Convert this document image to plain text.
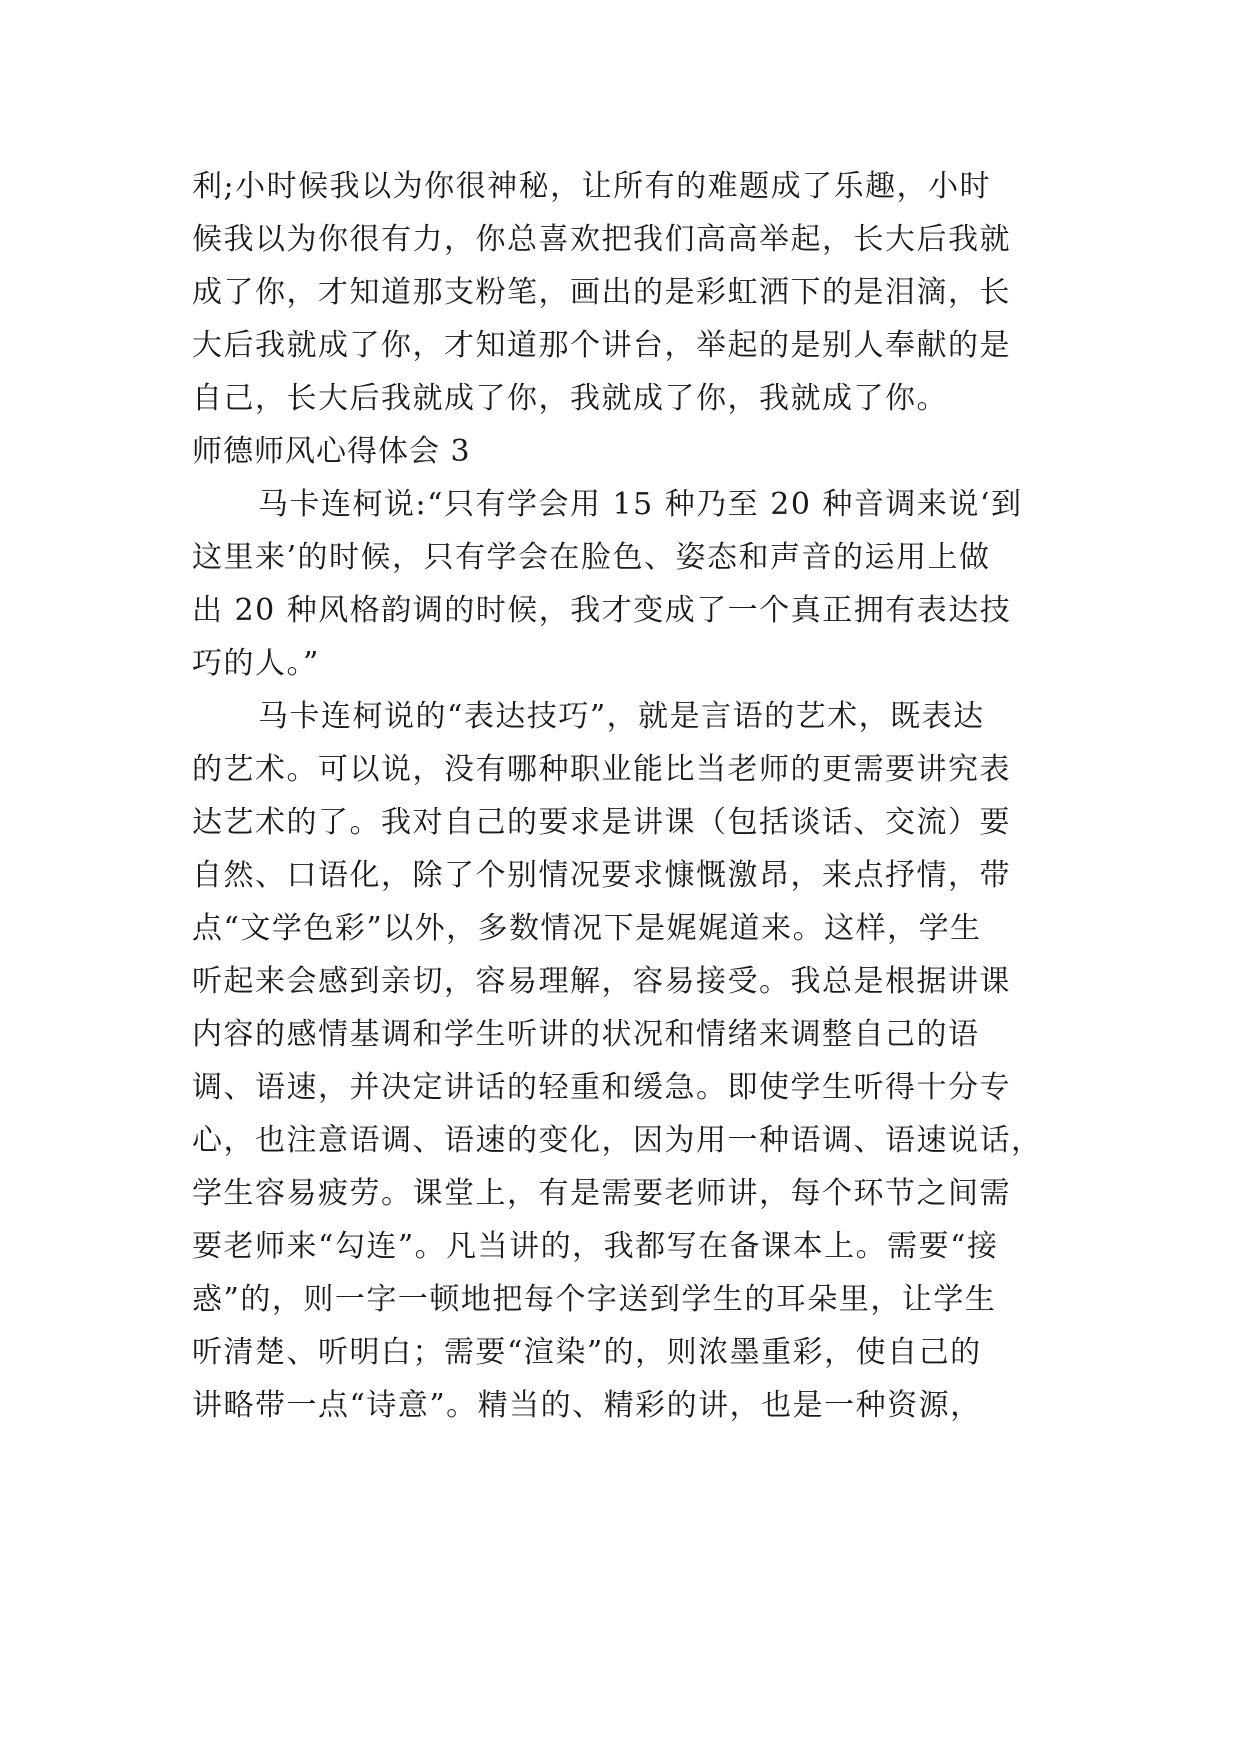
利;小时候我以为你很神秘，让所有的难题成了乐趣，小时
候我以为你很有力，你总喜欢把我们高高举起，长大后我就
成了你，才知道那支粉笔，画出的是彩虹洒下的是泪滴，长
大后我就成了你，才知道那个讲台，举起的是别人奉献的是
自己，长大后我就成了你，我就成了你，我就成了你。
师德师风心得体会 3
马卡连柯说:“只有学会用 15 种乃至 20 种音调来说‘到
这里来’的时候，只有学会在脸色、姿态和声音的运用上做
出 20 种风格韵调的时候，我才变成了一个真正拥有表达技
巧的人。”
马卡连柯说的“表达技巧”，就是言语的艺术，既表达
的艺术。可以说，没有哪种职业能比当老师的更需要讲究表
达艺术的了。我对自己的要求是讲课（包括谈话、交流）要
自然、口语化，除了个别情况要求慷慨激昂，来点抒情，带
点“文学色彩”以外，多数情况下是娓娓道来。这样，学生
听起来会感到亲切，容易理解，容易接受。我总是根据讲课
内容的感情基调和学生听讲的状况和情绪来调整自己的语
调、语速，并决定讲话的轻重和缓急。即使学生听得十分专
心，也注意语调、语速的变化，因为用一种语调、语速说话，
学生容易疲劳。课堂上，有是需要老师讲，每个环节之间需
要老师来“勾连”。凡当讲的，我都写在备课本上。需要“接
惑”的，则一字一顿地把每个字送到学生的耳朵里，让学生
听清楚、听明白；需要“渲染”的，则浓墨重彩，使自己的
讲略带一点“诗意”。精当的、精彩的讲，也是一种资源，
